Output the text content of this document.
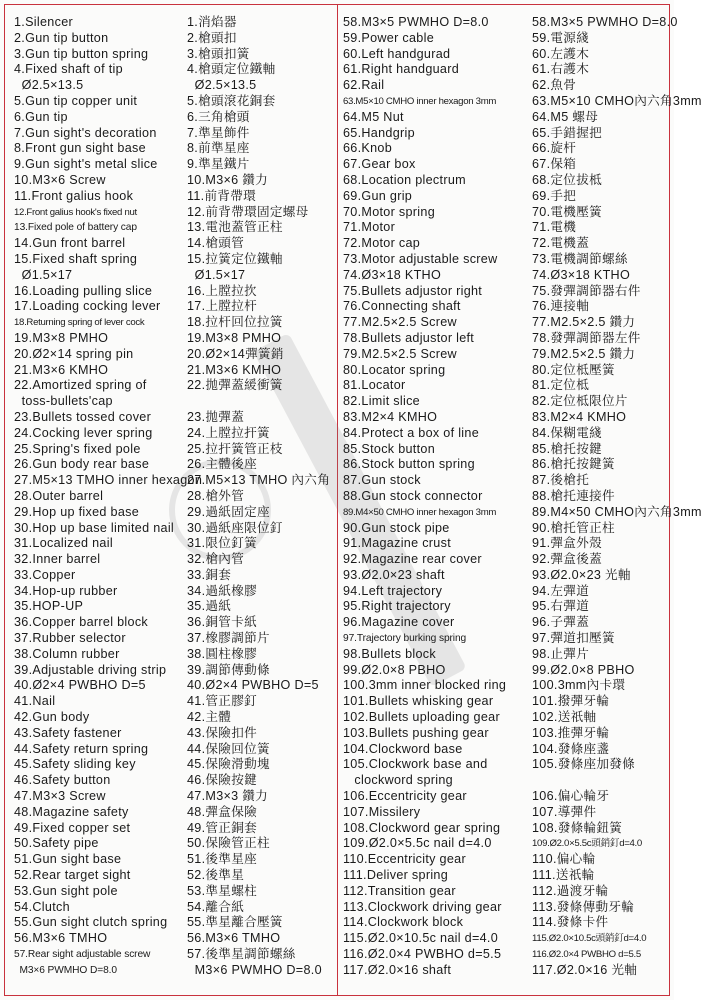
1.Silencer	1.消焰器
2.Gun tip button	2.槍頭扣
3.Gun tip button spring	3.槍頭扣簧
4.Fixed shaft of tip
Ø2.5×13.5
4.槍頭定位鐵軸
Ø2.5×13.5
5.Gun tip copper unit	5.槍頭滾花銅套
6.Gun tip	6.三角槍頭
7.Gun sight's decoration 7.準星飾件
8.Front gun sight base	8.前準星座
9.Gun sight's metal slice 9.準星鐵片
10.M3×6 Screw	10.M3×6 鑽力
11.Front galius hook	11.前背帶環
12.Front galius hook's fixed nut	12.前背帶環固定螺母
13.Fixed pole of battery cap	13.電池蓋管正柱
14.Gun front barrel	14.槍頭管
15.Fixed shaft spring
Ø1.5×17
15.拉簧定位鐵軸
Ø1.5×17
16.Loading pulling slice	16.上膛拉扻
17.Loading cocking lever 17.上膛拉杆
18.Returning spring of lever cock	18.拉杆回位拉簧
19.M3×8 PMHO	19.M3×8 PMHO
20.Ø2×14 spring pin	20.Ø2×14彈簧銷
21.M3×6 KMHO	21.M3×6 KMHO
22.Amortized spring of
toss-bullets'cap
22.拋彈蓋緩衝簧
23.Bullets tossed cover	23.拋彈蓋
24.Cocking lever spring	24.上膛拉扞簧
25.Spring's fixed pole	25.拉扞簧管正枝
26.Gun body rear base	26.主體後座
27.M5×13 TMHO inner hexagon
27.M5×13 TMHO 內六角
28.Outer barrel	28.槍外管
29.Hop up fixed base	29.過紙固定座
30.Hop up base limited nail 30.過紙座限位釘
31.Localized nail	31.限位釘簧
32.Inner barrel	32.槍內管
33.Copper	33.銅套
34.Hop-up rubber	34.過紙橡膠
35.HOP-UP	35.過紙
36.Copper barrel block	36.銅管卡紙
37.Rubber selector	37.橡膠調節片
38.Column rubber	38.圓柱橡膠
39.Adjustable driving strip 39.調節傳動條
40.Ø2×4 PWBHO D=5	40.Ø2×4 PWBHO D=5
41.Nail	41.管正膠釘
42.Gun body	42.主體
43.Safety fastener	43.保險扣件
44.Safety return spring	44.保險回位簧
45.Safety sliding key	45.保險滑動塊
46.Safety button	46.保險按鍵
47.M3×3 Screw	47.M3×3 鑽力
48.Magazine safety	48.彈盒保險
49.Fixed copper set	49.管正銅套
50.Safety pipe	50.保險管正柱
51.Gun sight base	51.後準星座
52.Rear target sight	52.後準星
53.Gun sight pole	53.準星螺柱
54.Clutch	54.離合紙
55.Gun sight clutch spring 55.準星離合壓簧
56.M3×6 TMHO	56.M3×6 TMHO
57.Rear sight adjustable screw
M3×6 PWMHO D=8.0
57.後準星調節螺絲
M3×6 PWMHO D=8.0
58.M3×5 PWMHO D=8.0	58.M3×5 PWMHO D=8.0
59.Power cable	59.電源綫
60.Left handgurad	60.左護木
61.Right handguard	61.右護木
62.Rail	62.魚骨
63.M5×10 CMHO inner hexagon 3mm	63.M5×10 CMHO內六角3mm
64.M5 Nut	64.M5 螺母
65.Handgrip	65.手錯握把
66.Knob	66.旋杆
67.Gear box	67.保箱
68.Location plectrum	68.定位拔柢
69.Gun grip	69.手把
70.Motor spring	70.電機壓簧
71.Motor	71.電機
72.Motor cap	72.電機蓋
73.Motor adjustable screw	73.電機調節螺絲
74.Ø3×18 KTHO	74.Ø3×18 KTHO
75.Bullets adjustor right	75.發彈調節器右件
76.Connecting shaft	76.連接軸
77.M2.5×2.5 Screw	77.M2.5×2.5 鑽力
78.Bullets adjustor left	78.發彈調節器左件
79.M2.5×2.5 Screw	79.M2.5×2.5 鑽力
80.Locator spring	80.定位柢壓簧
81.Locator	81.定位柢
82.Limit slice	82.定位柢限位片
83.M2×4 KMHO	83.M2×4 KMHO
84.Protect a box of line	84.保糊電綫
85.Stock button	85.槍托按鍵
86.Stock button spring	86.槍托按鍵簧
87.Gun stock	87.後槍托
88.Gun stock connector	88.槍托連接件
89.M4×50 CMHO inner hexagon 3mm	89.M4×50 CMHO內六角3mm
90.Gun stock pipe	90.槍托管正柱
91.Magazine crust	91.彈盒外殼
92.Magazine rear cover	92.彈盒後蓋
93.Ø2.0×23 shaft	93.Ø2.0×23 光軸
94.Left trajectory	94.左彈道
95.Right trajectory	95.右彈道
96.Magazine cover	96.子彈蓋
97.Trajectory burking spring	97.彈道扣壓簧
98.Bullets block	98.止彈片
99.Ø2.0×8 PBHO	99.Ø2.0×8 PBHO
100.3mm inner blocked ring 100.3mm內卡環
101.Bullets whisking gear	101.撥彈牙輪
102.Bullets uploading gear	102.送祇軸
103.Bullets pushing gear	103.推彈牙輪
104.Clockword base	104.發條座盞
105.Clockwork base and
clockword spring
105.發條座加發條
106.Eccentricity gear	106.偏心輪牙
107.Missilery	107.導彈件
108.Clockword gear spring	108.發條輪鈕簧
109.Ø2.0×5.5c nail d=4.0	109.Ø2.0×5.5c頭銷釘d=4.0
110.Eccentricity gear	110.偏心輪
111.Deliver spring	111.送祇輪
112.Transition gear	112.過渡牙輪
113.Clockwork driving gear 113.發條傳動牙輪
114.Clockwork block	114.發條卡件
115.Ø2.0×10.5c nail d=4.0	115.Ø2.0×10.5c頭銷釘d=4.0
116.Ø2.0×4 PWBHO d=5.5	116.Ø2.0×4 PWBHO d=5.5
117.Ø2.0×16 shaft	117.Ø2.0×16 光軸
